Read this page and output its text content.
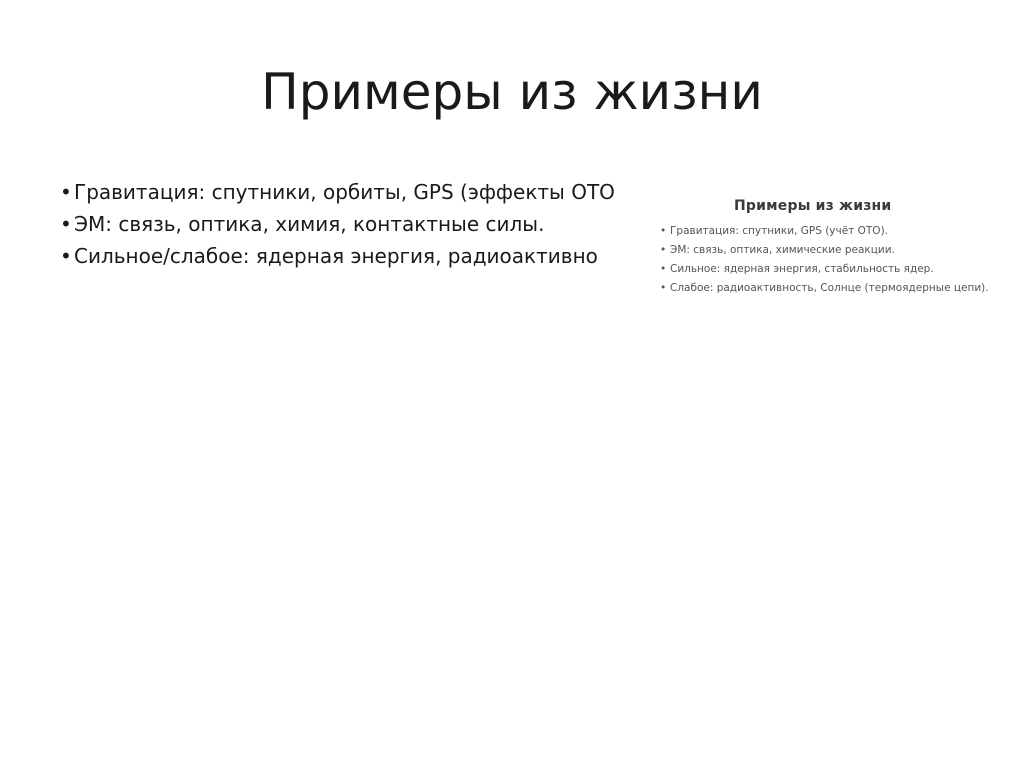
Примеры из жизни
• Гравитация: спутники, орбиты, GPS (эффекты ОТО
• ЭМ: связь, оптика, химия, контактные силы.
• Сильное/слабое: ядерная энергия, радиоактивно
Примеры из жизни
• Гравитация: спутники, GPS (учёт ОТО).
• ЭМ: связь, оптика, химические реакции.
• Сильное: ядерная энергия, стабильность ядер.
• Слабое: радиоактивность, Солнце (термоядерные цепи).
